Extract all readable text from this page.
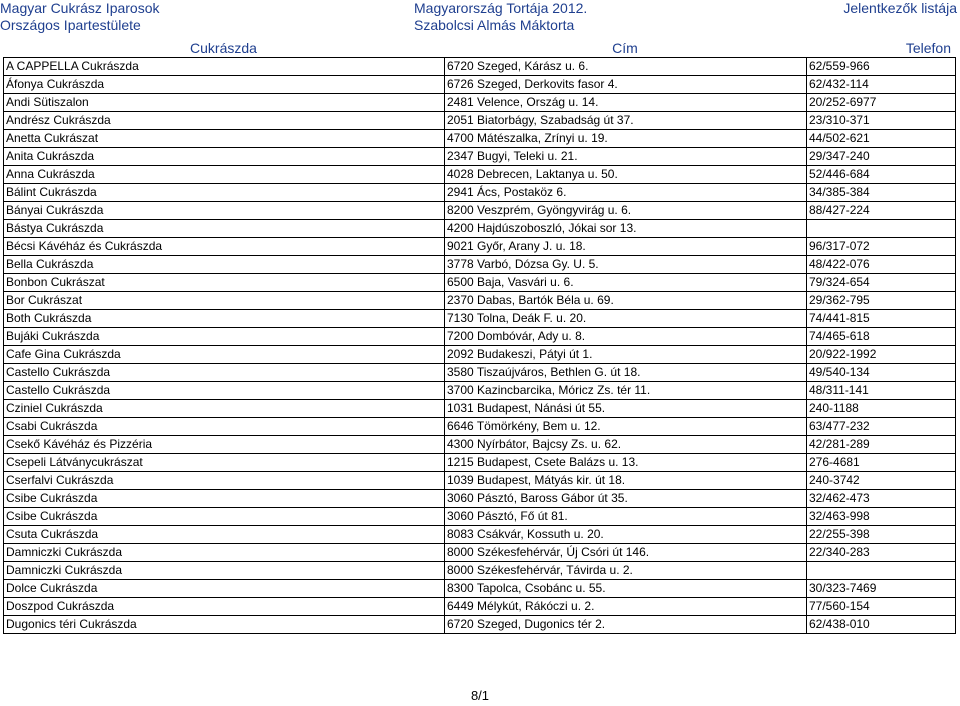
Magyar Cukrász Iparosok
Országos Ipartestülete
Magyarország Tortája 2012.
Szabolcsi Almás Máktorta
Jelentkezők listája
Cukrászda	Cím	Telefon
A CAPPELLA Cukrászda	6720 Szeged, Kárász u. 6.	62/559-966
Áfonya Cukrászda	6726 Szeged, Derkovits fasor 4.	62/432-114
Andi Sütiszalon	2481 Velence, Ország u. 14.	20/252-6977
Andrész Cukrászda	2051 Biatorbágy, Szabadság út 37.	23/310-371
Anetta Cukrászat	4700 Mátészalka, Zrínyi u. 19.	44/502-621
Anita Cukrászda	2347 Bugyi, Teleki u. 21.	29/347-240
Anna Cukrászda	4028 Debrecen, Laktanya u. 50.	52/446-684
Bálint Cukrászda	2941 Ács, Postaköz 6.	34/385-384
Bányai Cukrászda	8200 Veszprém, Gyöngyvirág u. 6.	88/427-224
Bástya Cukrászda	4200 Hajdúszoboszló, Jókai sor 13.	
Bécsi Kávéház és Cukrászda	9021 Győr, Arany J. u. 18.	96/317-072
Bella Cukrászda	3778 Varbó, Dózsa Gy. U. 5.	48/422-076
Bonbon Cukrászat	6500 Baja, Vasvári u. 6.	79/324-654
Bor Cukrászat	2370 Dabas, Bartók Béla u. 69.	29/362-795
Both Cukrászda	7130 Tolna, Deák F. u. 20.	74/441-815
Bujáki Cukrászda	7200 Dombóvár, Ady u. 8.	74/465-618
Cafe Gina Cukrászda	2092 Budakeszi, Pátyi út 1.	20/922-1992
Castello Cukrászda	3580 Tiszaújváros, Bethlen G. út 18.	49/540-134
Castello Cukrászda	3700 Kazincbarcika, Móricz Zs. tér 11.	48/311-141
Cziniel Cukrászda	1031 Budapest, Nánási út 55.	240-1188
Csabi Cukrászda	6646 Tömörkény, Bem u. 12.	63/477-232
Csekő Kávéház és Pizzéria	4300 Nyírbátor, Bajcsy Zs. u. 62.	42/281-289
Csepeli Látványcukrászat	1215 Budapest, Csete Balázs u. 13.	276-4681
Cserfalvi Cukrászda	1039 Budapest, Mátyás kir. út 18.	240-3742
Csibe Cukrászda	3060 Pásztó, Baross Gábor út 35.	32/462-473
Csibe Cukrászda	3060 Pásztó, Fő út 81.	32/463-998
Csuta Cukrászda	8083 Csákvár, Kossuth u. 20.	22/255-398
Damniczki Cukrászda	8000 Székesfehérvár, Új Csóri út 146.	22/340-283
Damniczki Cukrászda	8000 Székesfehérvár, Távirda u. 2.	
Dolce Cukrászda	8300 Tapolca, Csobánc u. 55.	30/323-7469
Doszpod Cukrászda	6449 Mélykút, Rákóczi u. 2.	77/560-154
Dugonics téri Cukrászda	6720 Szeged, Dugonics tér 2.	62/438-010
8/1
